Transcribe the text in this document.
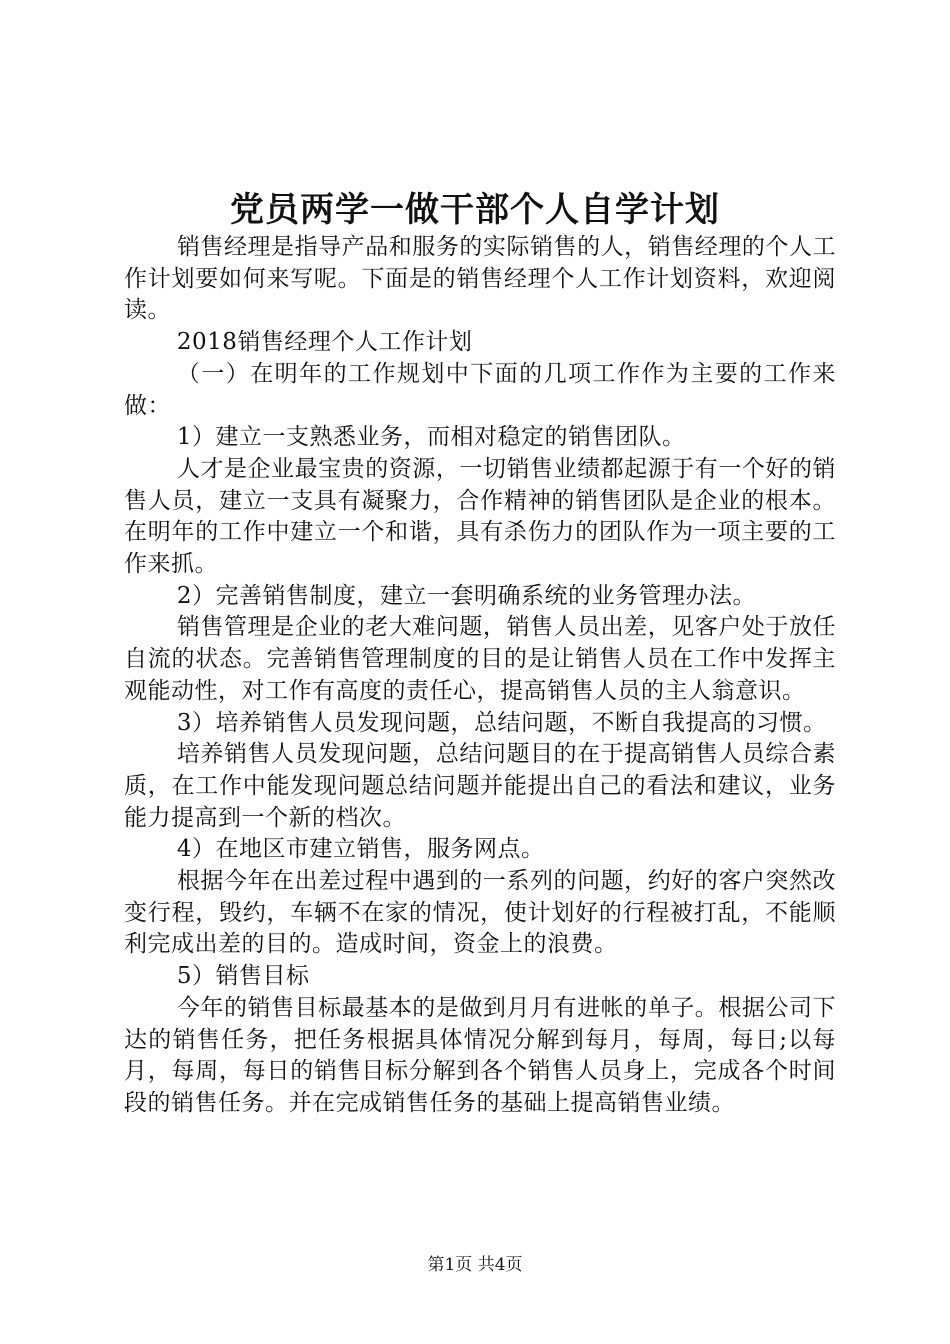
党员两学一做干部个人自学计划

销售经理是指导产品和服务的实际销售的人，销售经理的个人工作计划要如何来写呢。下面是的销售经理个人工作计划资料，欢迎阅读。

2018销售经理个人工作计划

（一）在明年的工作规划中下面的几项工作作为主要的工作来做：

1）建立一支熟悉业务，而相对稳定的销售团队。

人才是企业最宝贵的资源，一切销售业绩都起源于有一个好的销售人员，建立一支具有凝聚力，合作精神的销售团队是企业的根本。在明年的工作中建立一个和谐，具有杀伤力的团队作为一项主要的工作来抓。

2）完善销售制度，建立一套明确系统的业务管理办法。

销售管理是企业的老大难问题，销售人员出差，见客户处于放任自流的状态。完善销售管理制度的目的是让销售人员在工作中发挥主观能动性，对工作有高度的责任心，提高销售人员的主人翁意识。

3）培养销售人员发现问题，总结问题，不断自我提高的习惯。

培养销售人员发现问题，总结问题目的在于提高销售人员综合素质，在工作中能发现问题总结问题并能提出自己的看法和建议，业务能力提高到一个新的档次。

4）在地区市建立销售，服务网点。

根据今年在出差过程中遇到的一系列的问题，约好的客户突然改变行程，毁约，车辆不在家的情况，使计划好的行程被打乱，不能顺利完成出差的目的。造成时间，资金上的浪费。

5）销售目标

今年的销售目标最基本的是做到月月有进帐的单子。根据公司下达的销售任务，把任务根据具体情况分解到每月，每周，每日;以每月，每周，每日的销售目标分解到各个销售人员身上，完成各个时间段的销售任务。并在完成销售任务的基础上提高销售业绩。

第1页 共4页
